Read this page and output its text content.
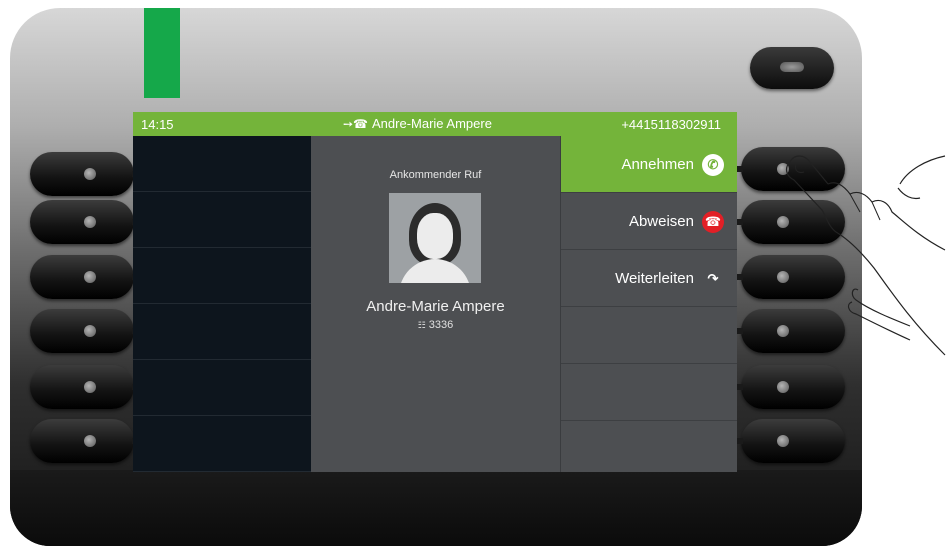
14:15	➙☎ Andre-Marie Ampere	+4415118302911
Ankommender Ruf
Andre-Marie Ampere
☷ 3336
Annehmen	✆
Abweisen ☎
Weiterleiten	↷
